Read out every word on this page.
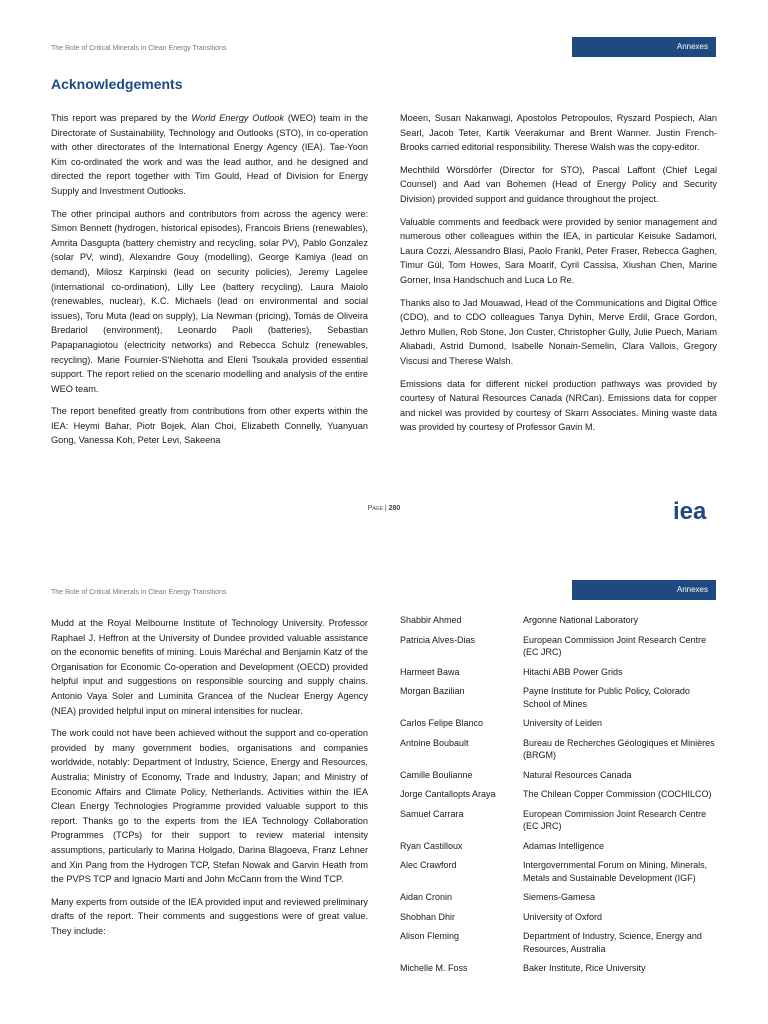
The Role of Critical Minerals in Clean Energy Transitions	Annexes
Acknowledgements

This report was prepared by the World Energy Outlook (WEO) team in the Directorate of Sustainability, Technology and Outlooks (STO), in co-operation with other directorates of the International Energy Agency (IEA). Tae-Yoon Kim co-ordinated the work and was the lead author, and he designed and directed the report together with Tim Gould, Head of Division for Energy Supply and Investment Outlooks.

The other principal authors and contributors from across the agency were: Simon Bennett (hydrogen, historical episodes), Francois Briens (renewables), Amrita Dasgupta (battery chemistry and recycling, solar PV), Pablo Gonzalez (solar PV, wind), Alexandre Gouy (modelling), George Kamiya (lead on demand), Milosz Karpinski (lead on security policies), Jeremy Lagelee (international co-ordination), Lilly Lee (battery recycling), Laura Maiolo (renewables, nuclear), K.C. Michaels (lead on environmental and social issues), Toru Muta (lead on supply), Lia Newman (pricing), Tomás de Oliveira Bredariol (environment), Leonardo Paoli (batteries), Sebastian Papapanagiotou (electricity networks) and Rebecca Schulz (renewables, recycling). Marie Fournier-S'Niehotta and Eleni Tsoukala provided essential support. The report relied on the scenario modelling and analysis of the entire WEO team.

The report benefited greatly from contributions from other experts within the IEA: Heymi Bahar, Piotr Bojek, Alan Choi, Elizabeth Connelly, Yuanyuan Gong, Vanessa Koh, Peter Levi, Sakeena

Moeen, Susan Nakanwagi, Apostolos Petropoulos, Ryszard Pospiech, Alan Searl, Jacob Teter, Kartik Veerakumar and Brent Wanner. Justin French-Brooks carried editorial responsibility. Therese Walsh was the copy-editor.

Mechthild Wörsdörfer (Director for STO), Pascal Laffont (Chief Legal Counsel) and Aad van Bohemen (Head of Energy Policy and Security Division) provided support and guidance throughout the project.

Valuable comments and feedback were provided by senior management and numerous other colleagues within the IEA, in particular Keisuke Sadamori, Laura Cozzi, Alessandro Blasi, Paolo Frankl, Peter Fraser, Rebecca Gaghen, Timur Gül, Tom Howes, Sara Moarif, Cyril Cassisa, Xiushan Chen, Marine Gorner, Insa Handschuch and Luca Lo Re.

Thanks also to Jad Mouawad, Head of the Communications and Digital Office (CDO), and to CDO colleagues Tanya Dyhin, Merve Erdil, Grace Gordon, Jethro Mullen, Rob Stone, Jon Custer, Christopher Gully, Julie Puech, Mariam Aliabadi, Astrid Dumond, Isabelle Nonain-Semelin, Clara Vallois, Gregory Viscusi and Therese Walsh.

Emissions data for different nickel production pathways was provided by courtesy of Natural Resources Canada (NRCan). Emissions data for copper and nickel was provided by courtesy of Skarn Associates. Mining waste data was provided by courtesy of Professor Gavin M.

Page | 280	iea
The Role of Critical Minerals in Clean Energy Transitions	Annexes

Mudd at the Royal Melbourne Institute of Technology University. Professor Raphael J. Heffron at the University of Dundee provided valuable assistance on the economic benefits of mining. Louis Maréchal and Benjamin Katz of the Organisation for Economic Co-operation and Development (OECD) provided helpful input and suggestions on responsible sourcing and supply chains. Antonio Vaya Soler and Luminita Grancea of the Nuclear Energy Agency (NEA) provided helpful input on mineral intensities for nuclear.

The work could not have been achieved without the support and co-operation provided by many government bodies, organisations and companies worldwide, notably: Department of Industry, Science, Energy and Resources, Australia; Ministry of Economy, Trade and Industry, Japan; and Ministry of Economic Affairs and Climate Policy, Netherlands. Activities within the IEA Clean Energy Technologies Programme provided valuable support to this report. Thanks go to the experts from the IEA Technology Collaboration Programmes (TCPs) for their support to review material intensity assumptions, particularly to Marina Holgado, Darina Blagoeva, Franz Lehner and Xin Pang from the Hydrogen TCP, Stefan Nowak and Garvin Heath from the PVPS TCP and Ignacio Marti and John McCann from the Wind TCP.

Many experts from outside of the IEA provided input and reviewed preliminary drafts of the report. Their comments and suggestions were of great value. They include:

Shabbir Ahmed	Argonne National Laboratory
Patricia Alves-Dias	European Commission Joint Research Centre (EC JRC)
Harmeet Bawa	Hitachi ABB Power Grids
Morgan Bazilian	Payne Institute for Public Policy, Colorado School of Mines
Carlos Felipe Blanco	University of Leiden
Antoine Boubault	Bureau de Recherches Géologiques et Minières (BRGM)
Camille Boulianne	Natural Resources Canada
Jorge Cantallopts Araya	The Chilean Copper Commission (COCHILCO)
Samuel Carrara	European Commission Joint Research Centre (EC JRC)
Ryan Castilloux	Adamas Intelligence
Alec Crawford	Intergovernmental Forum on Mining, Minerals, Metals and Sustainable Development (IGF)
Aidan Cronin	Siemens-Gamesa
Shobhan Dhir	University of Oxford
Alison Fleming	Department of Industry, Science, Energy and Resources, Australia
Michelle M. Foss	Baker Institute, Rice University
